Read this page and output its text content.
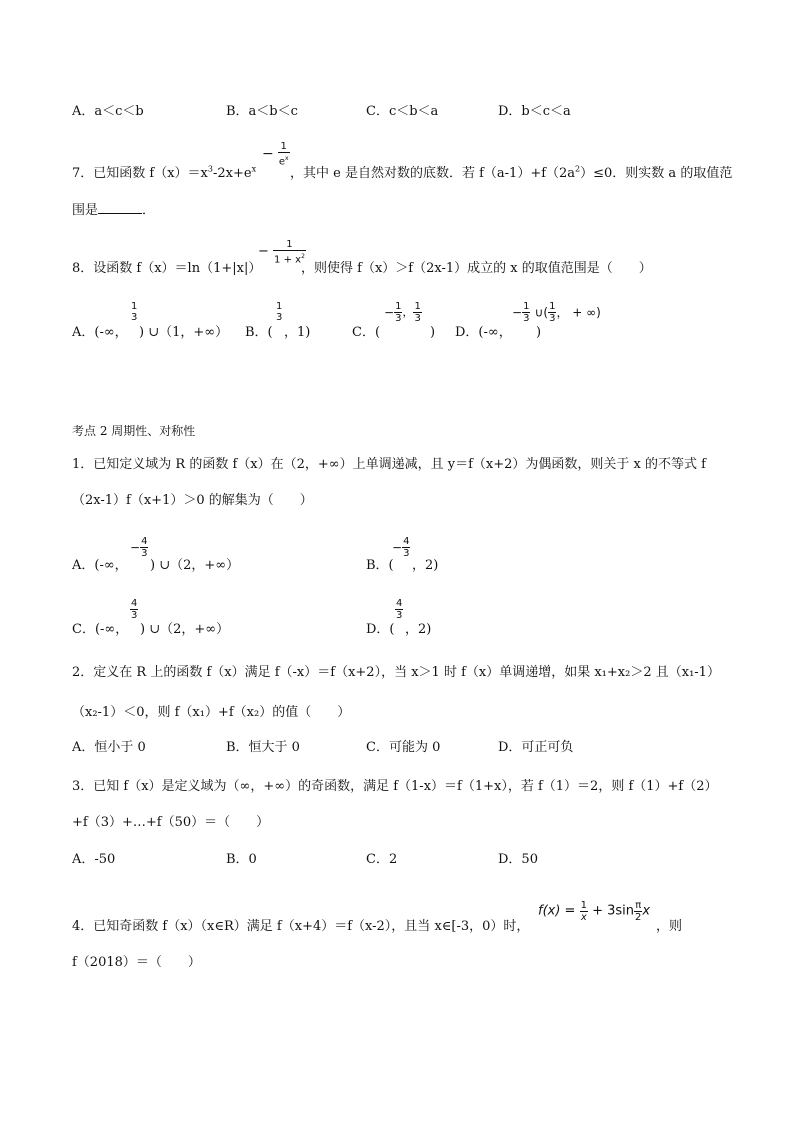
A．a＜c＜b	B．a＜b＜c	C．c＜b＜a	D．b＜c＜a
7．已知函数 $f(x)=x^3-2x+e^x$
− $\frac{1}{e^x}$
，其中 e 是自然对数的底数．若 $f(a-1)+f(2a^2)\le 0$．则实数 a 的取值范
围是	．
8．设函数 f（x）＝ln（1+|x|）
− $\frac{1}{1 + x^2}$
，则使得 f（x）＞f（2x-1）成立的 x 的取值范围是（　　）
A．(-∞，
1
3
) ∪（1，+∞） B．(
1
3
，1)	C．(
− $\frac{1}{3}$ ， $\frac{1}{3}$
) D．(-∞，
− $\frac{1}{3}$ ∪( $\frac{1}{3}$ ， + ∞)
)
考点 2 周期性、对称性
1．已知定义域为 R 的函数 f（x）在（2，+∞）上单调递减，且 y＝f（x+2）为偶函数，则关于 x 的不等式 f
（2x-1）f（x+1）＞0 的解集为（　　）
A．(-∞，
− $\frac{4}{3}$
) ∪（2，+∞）	B．(
− $\frac{4}{3}$
，2)
C．(-∞，
$\frac{4}{3}$
) ∪（2，+∞）	D．(
$\frac{4}{3}$
，2)
2．定义在 R 上的函数 f（x）满足 f（-x）＝f（x+2），当 x＞1 时 f（x）单调递增，如果 x₁+x₂＞2 且（x₁-1）
（x₂-1）＜0，则 f（x₁）+f（x₂）的值（　　）
A．恒小于 0	B．恒大于 0	C．可能为 0	D．可正可负
3．已知 f（x）是定义域为（∞，+∞）的奇函数，满足 f（1-x）＝f（1+x），若 f（1）＝2，则 f（1）+f（2）
+f（3）+…+f（50）＝（　　）
A．-50	B．0	C．2	D．50
4．已知奇函数 f（x）（x∈R）满足 f（x+4）＝f（x-2），且当 x∈[-3，0）时，
$f(x) = \frac{1}{x} + 3\sin \frac{\pi}{2}$ x
，则
f（2018）＝（　　）
